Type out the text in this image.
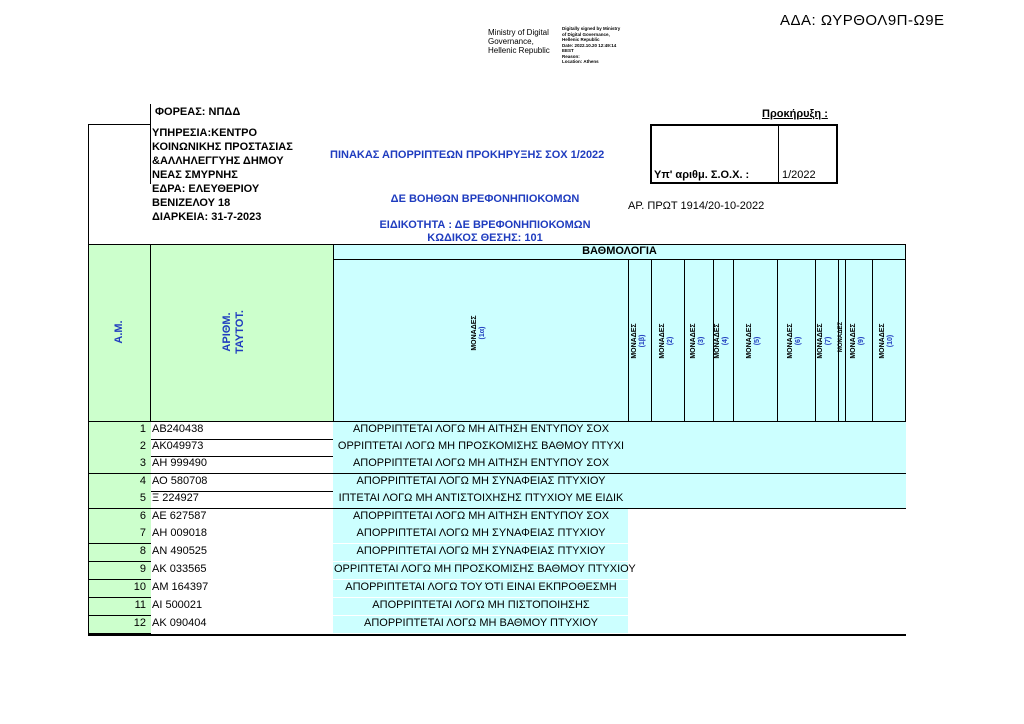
ΑΔΑ: ΩΥΡΘΟΛ9Π-Ω9Ε
Ministry of Digital
Governance,
Hellenic Republic
Digitally signed by Ministry
of Digital Governance,
Hellenic Republic
Date: 2022.10.20 12:49:14
EEST
Reason:
Location: Athens
ΦΟΡΕΑΣ: ΝΠΔΔ	Προκήρυξη :
ΥΠΗΡΕΣΙΑ:ΚΕΝΤΡΟ
ΚΟΙΝΩΝΙΚΗΣ ΠΡΟΣΤΑΣΙΑΣ
&ΑΛΛΗΛΕΓΓΥΗΣ ΔΗΜΟΥ
ΝΕΑΣ ΣΜΥΡΝΗΣ
ΕΔΡΑ: ΕΛΕΥΘΕΡΙΟΥ
ΒΕΝΙΖΕΛΟΥ 18
ΔΙΑΡΚΕΙΑ: 31-7-2023
ΠΙΝΑΚΑΣ ΑΠΟΡΡΙΠΤΕΩΝ ΠΡΟΚΗΡΥΞΗΣ ΣΟΧ 1/2022
ΔΕ ΒΟΗΘΩΝ ΒΡΕΦΟΝΗΠΙΟΚΟΜΩΝ
ΕΙΔΙΚΟΤΗΤΑ : ΔΕ ΒΡΕΦΟΝΗΠΙΟΚΟΜΩΝ
ΚΩΔΙΚΟΣ ΘΕΣΗΣ: 101
Υπ' αριθμ. Σ.Ο.Χ. :	1/2022
ΑΡ. ΠΡΩΤ 1914/20-10-2022
ΒΑΘΜΟΛΟΓΙΑ
Α.Μ.	ΑΡΙΘΜ. ΤΑΥΤΟΤ.	ΜΟΝΑΔΕΣ (1α)	ΜΟΝΑΔΕΣ (1β) ΜΟΝΑΔΕΣ (2) ΜΟΝΑΔΕΣ (3) ΜΟΝΑΔΕΣ (4) ΜΟΝΑΔΕΣ (5)	ΜΟΝΑΔΕΣ (6) ΜΟΝΑΔΕΣ (7) ΜΟΝΑΔΕΣ ΜΟΝΑΔΕΣ (9) ΜΟΝΑΔΕΣ (10)
1 ΑΒ240438	ΑΠΟΡΡΙΠΤΕΤΑΙ ΛΟΓΩ ΜΗ ΑΙΤΗΣΗ ΕΝΤΥΠΟΥ ΣΟΧ
2 ΑΚ049973	ΟΡΡΙΠΤΕΤΑΙ ΛΟΓΩ ΜΗ ΠΡΟΣΚΟΜΙΣΗΣ ΒΑΘΜΟΥ ΠΤΥΧΙ
3 ΑΗ 999490	ΑΠΟΡΡΙΠΤΕΤΑΙ ΛΟΓΩ ΜΗ ΑΙΤΗΣΗ ΕΝΤΥΠΟΥ ΣΟΧ
4 ΑΟ 580708	ΑΠΟΡΡΙΠΤΕΤΑΙ ΛΟΓΩ ΜΗ ΣΥΝΑΦΕΙΑΣ ΠΤΥΧΙΟΥ
5 Ξ 224927	ΙΠΤΕΤΑΙ ΛΟΓΩ ΜΗ ΑΝΤΙΣΤΟΙΧΗΣΗΣ ΠΤΥΧΙΟΥ ΜΕ ΕΙΔΙΚ
6 ΑΕ 627587	ΑΠΟΡΡΙΠΤΕΤΑΙ ΛΟΓΩ ΜΗ ΑΙΤΗΣΗ ΕΝΤΥΠΟΥ ΣΟΧ
7 ΑΗ 009018	ΑΠΟΡΡΙΠΤΕΤΑΙ ΛΟΓΩ ΜΗ ΣΥΝΑΦΕΙΑΣ ΠΤΥΧΙΟΥ
8 ΑΝ 490525	ΑΠΟΡΡΙΠΤΕΤΑΙ ΛΟΓΩ ΜΗ ΣΥΝΑΦΕΙΑΣ ΠΤΥΧΙΟΥ
9 ΑΚ 033565	ΟΡΡΙΠΤΕΤΑΙ ΛΟΓΩ ΜΗ ΠΡΟΣΚΟΜΙΣΗΣ ΒΑΘΜΟΥ ΠΤΥΧΙΟΥ
10 ΑΜ 164397	ΑΠΟΡΡΙΠΤΕΤΑΙ ΛΟΓΩ ΤΟΥ ΌΤΙ ΕΙΝΑΙ ΕΚΠΡΟΘΕΣΜΗ
11 ΑΙ 500021	ΑΠΟΡΡΙΠΤΕΤΑΙ ΛΟΓΩ ΜΗ ΠΙΣΤΟΠΟΙΗΣΗΣ
12 ΑΚ 090404	ΑΠΟΡΡΙΠΤΕΤΑΙ ΛΟΓΩ ΜΗ ΒΑΘΜΟΥ ΠΤΥΧΙΟΥ
